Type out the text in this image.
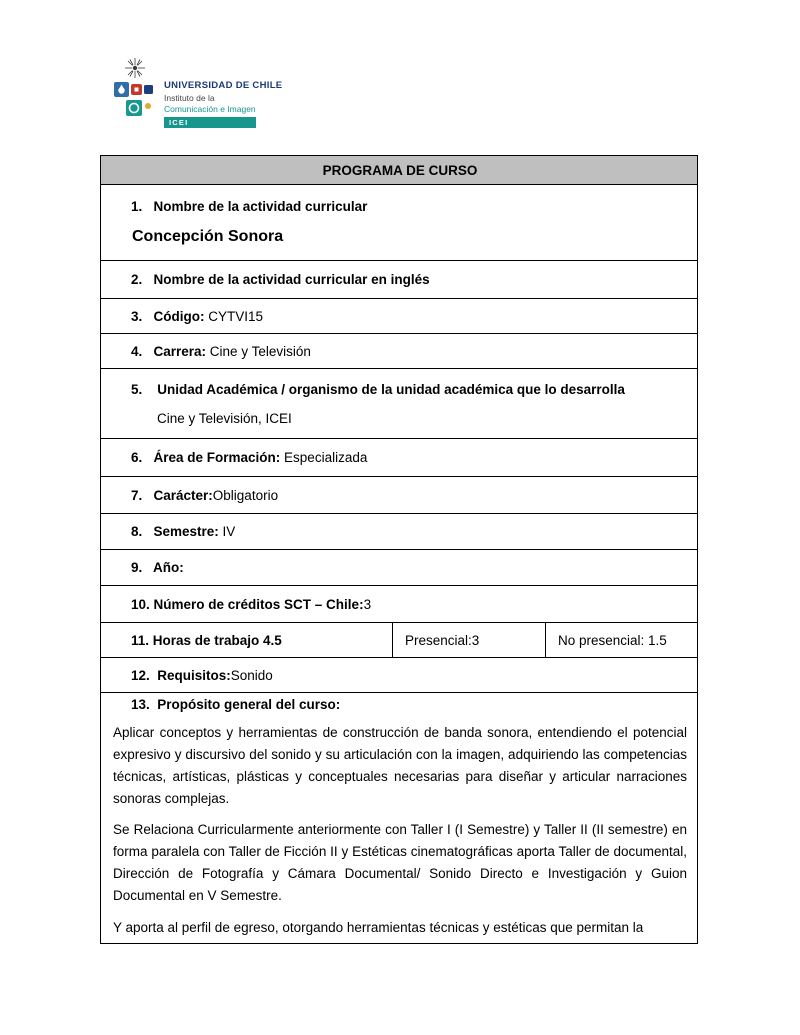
UNIVERSIDAD DE CHILE
Instituto de la
Comunicación e Imagen
ICEI
PROGRAMA DE CURSO

1.   Nombre de la actividad curricular
Concepción Sonora

2.   Nombre de la actividad curricular en inglés

3.   Código: CYTVI15

4.   Carrera: Cine y Televisión

5.    Unidad Académica / organismo de la unidad académica que lo desarrolla
Cine y Televisión, ICEI

6.   Área de Formación: Especializada

7.   Carácter:Obligatorio

8.   Semestre: IV

9.   Año:

10. Número de créditos SCT – Chile:3

11. Horas de trabajo 4.5	Presencial:3	No presencial: 1.5

12.  Requisitos:Sonido

13.  Propósito general del curso:

Aplicar conceptos y herramientas de construcción de banda sonora, entendiendo el potencial expresivo y discursivo del sonido y su articulación con la imagen, adquiriendo las competencias técnicas, artísticas, plásticas y conceptuales necesarias para diseñar y articular narraciones sonoras complejas.

Se Relaciona Curricularmente anteriormente con Taller I (I Semestre) y Taller II (II semestre) en forma paralela con Taller de Ficción II y Estéticas cinematográficas aporta Taller de documental, Dirección de Fotografía y Cámara Documental/ Sonido Directo e Investigación y Guion Documental en V Semestre.

Y aporta al perfil de egreso, otorgando herramientas técnicas y estéticas que permitan la
